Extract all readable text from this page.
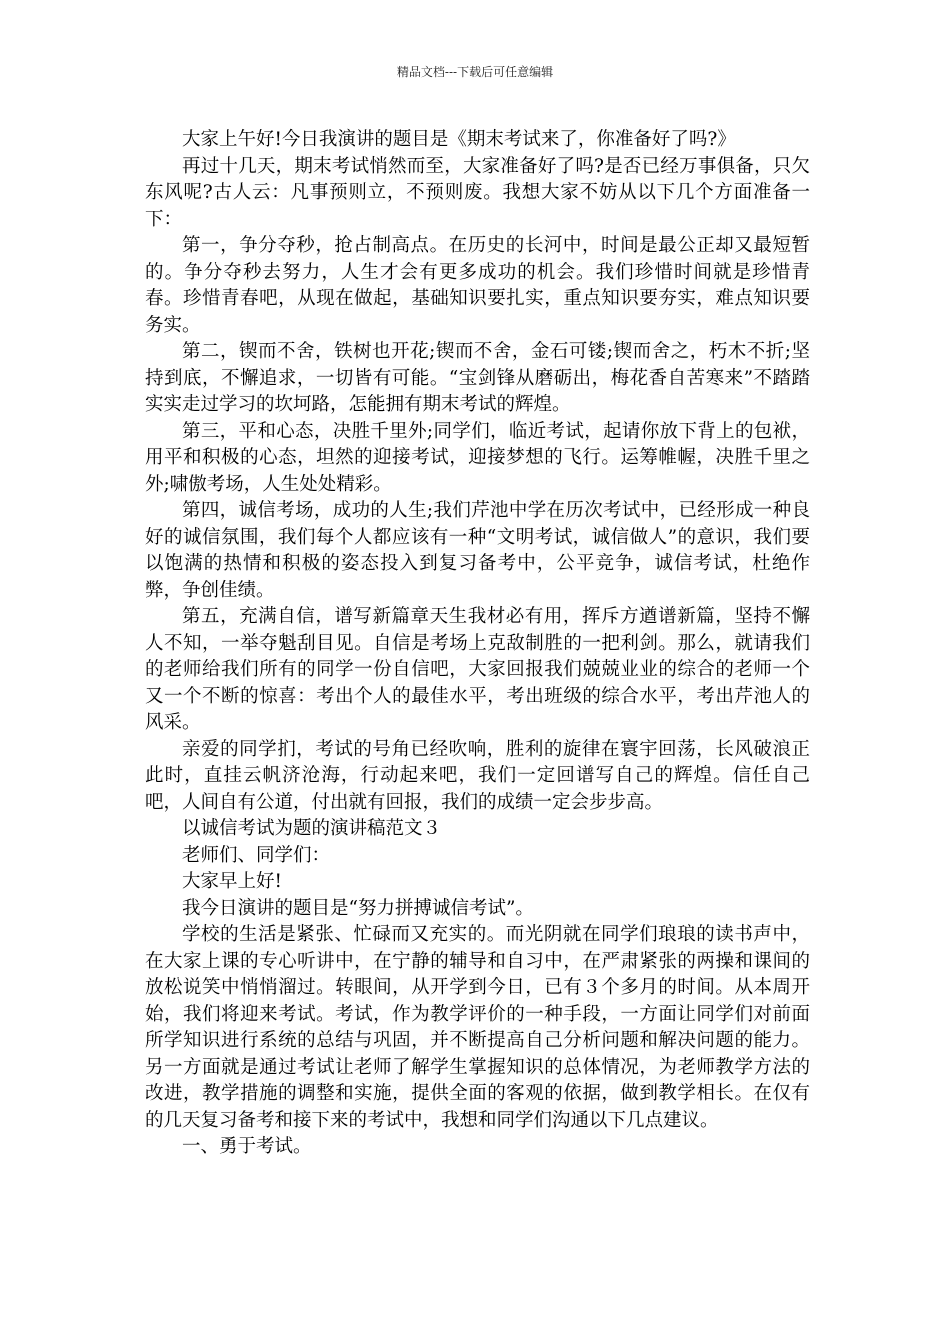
精品文档---下载后可任意编辑

大家上午好!今日我演讲的题目是《期末考试来了，你准备好了吗?》

再过十几天，期末考试悄然而至，大家准备好了吗?是否已经万事俱备，只欠东风呢?古人云：凡事预则立，不预则废。我想大家不妨从以下几个方面准备一下：

第一，争分夺秒，抢占制高点。在历史的长河中，时间是最公正却又最短暂的。争分夺秒去努力，人生才会有更多成功的机会。我们珍惜时间就是珍惜青春。珍惜青春吧，从现在做起，基础知识要扎实，重点知识要夯实，难点知识要务实。

第二，锲而不舍，铁树也开花;锲而不舍，金石可镂;锲而舍之，朽木不折;坚持到底，不懈追求，一切皆有可能。“宝剑锋从磨砺出，梅花香自苦寒来”不踏踏实实走过学习的坎坷路，怎能拥有期末考试的辉煌。

第三，平和心态，决胜千里外;同学们，临近考试，起请你放下背上的包袱，用平和积极的心态，坦然的迎接考试，迎接梦想的飞行。运筹帷幄，决胜千里之外;啸傲考场，人生处处精彩。

第四，诚信考场，成功的人生;我们芹池中学在历次考试中，已经形成一种良好的诚信氛围，我们每个人都应该有一种“文明考试，诚信做人”的意识，我们要以饱满的热情和积极的姿态投入到复习备考中，公平竞争，诚信考试，杜绝作弊，争创佳绩。

第五，充满自信，谱写新篇章天生我材必有用，挥斥方遒谱新篇，坚持不懈人不知，一举夺魁刮目见。自信是考场上克敌制胜的一把利剑。那么，就请我们的老师给我们所有的同学一份自信吧，大家回报我们兢兢业业的综合的老师一个又一个不断的惊喜：考出个人的最佳水平，考出班级的综合水平，考出芹池人的风采。

亲爱的同学扪，考试的号角已经吹响，胜利的旋律在寰宇回荡，长风破浪正此时，直挂云帆济沧海，行动起来吧，我们一定回谱写自己的辉煌。信任自己吧，人间自有公道，付出就有回报，我们的成绩一定会步步高。

以诚信考试为题的演讲稿范文３

老师们、同学们：

大家早上好!

我今日演讲的题目是“努力拼搏诚信考试”。

学校的生活是紧张、忙碌而又充实的。而光阴就在同学们琅琅的读书声中，在大家上课的专心听讲中，在宁静的辅导和自习中，在严肃紧张的两操和课间的放松说笑中悄悄溜过。转眼间，从开学到今日，已有３个多月的时间。从本周开始，我们将迎来考试。考试，作为教学评价的一种手段，一方面让同学们对前面所学知识进行系统的总结与巩固，并不断提高自己分析问题和解决问题的能力。另一方面就是通过考试让老师了解学生掌握知识的总体情况，为老师教学方法的改进，教学措施的调整和实施，提供全面的客观的依据，做到教学相长。在仅有的几天复习备考和接下来的考试中，我想和同学们沟通以下几点建议。

一、勇于考试。
